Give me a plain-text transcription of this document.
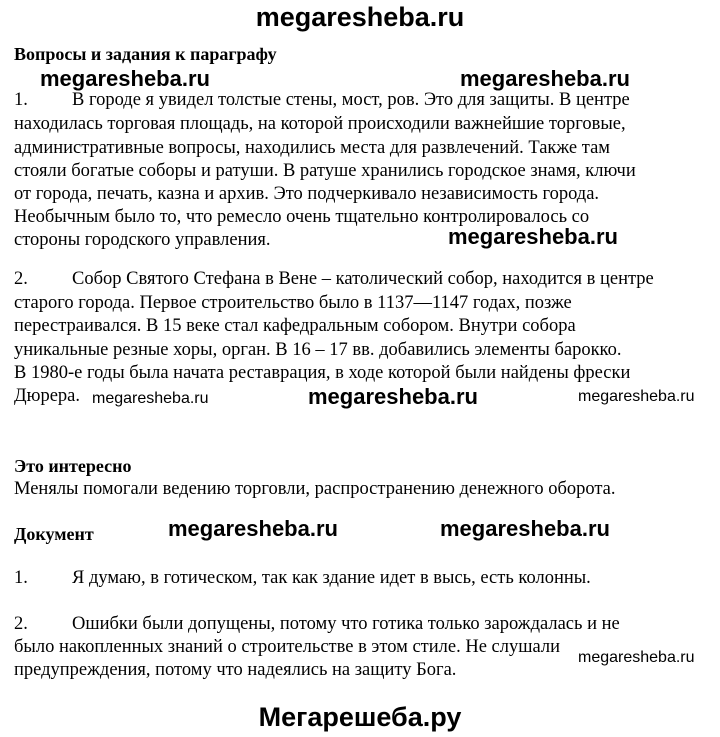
megaresheba.ru
Вопросы и задания к параграфу
megaresheba.ru	megaresheba.ru
1. В городе я увидел толстые стены, мост, ров. Это для защиты. В центре
находилась торговая площадь, на которой происходили важнейшие торговые,
административные вопросы, находились места для развлечений. Также там
стояли богатые соборы и ратуши. В ратуше хранились городское знамя, ключи
от города, печать, казна и архив. Это подчеркивало независимость города.
Необычным было то, что ремесло очень тщательно контролировалось со
стороны городского управления.	megaresheba.ru
2. Собор Святого Стефана в Вене – католический собор, находится в центре
старого города. Первое строительство было в 1137—1147 годах, позже
перестраивался. В 15 веке стал кафедральным собором. Внутри собора
уникальные резные хоры, орган. В 16 – 17 вв. добавились элементы барокко.
В 1980-е годы была начата реставрация, в ходе которой были найдены фрески
Дюрера. megaresheba.ru	megaresheba.ru	megaresheba.ru
Это интересно
Менялы помогали ведению торговли, распространению денежного оборота.
Документ	megaresheba.ru	megaresheba.ru
1. Я думаю, в готическом, так как здание идет в высь, есть колонны.
2. Ошибки были допущены, потому что готика только зарождалась и не
было накопленных знаний о строительстве в этом стиле. Не слушали
предупреждения, потому что надеялись на защиту Бога.
megaresheba.ru
Мегарешеба.ру
